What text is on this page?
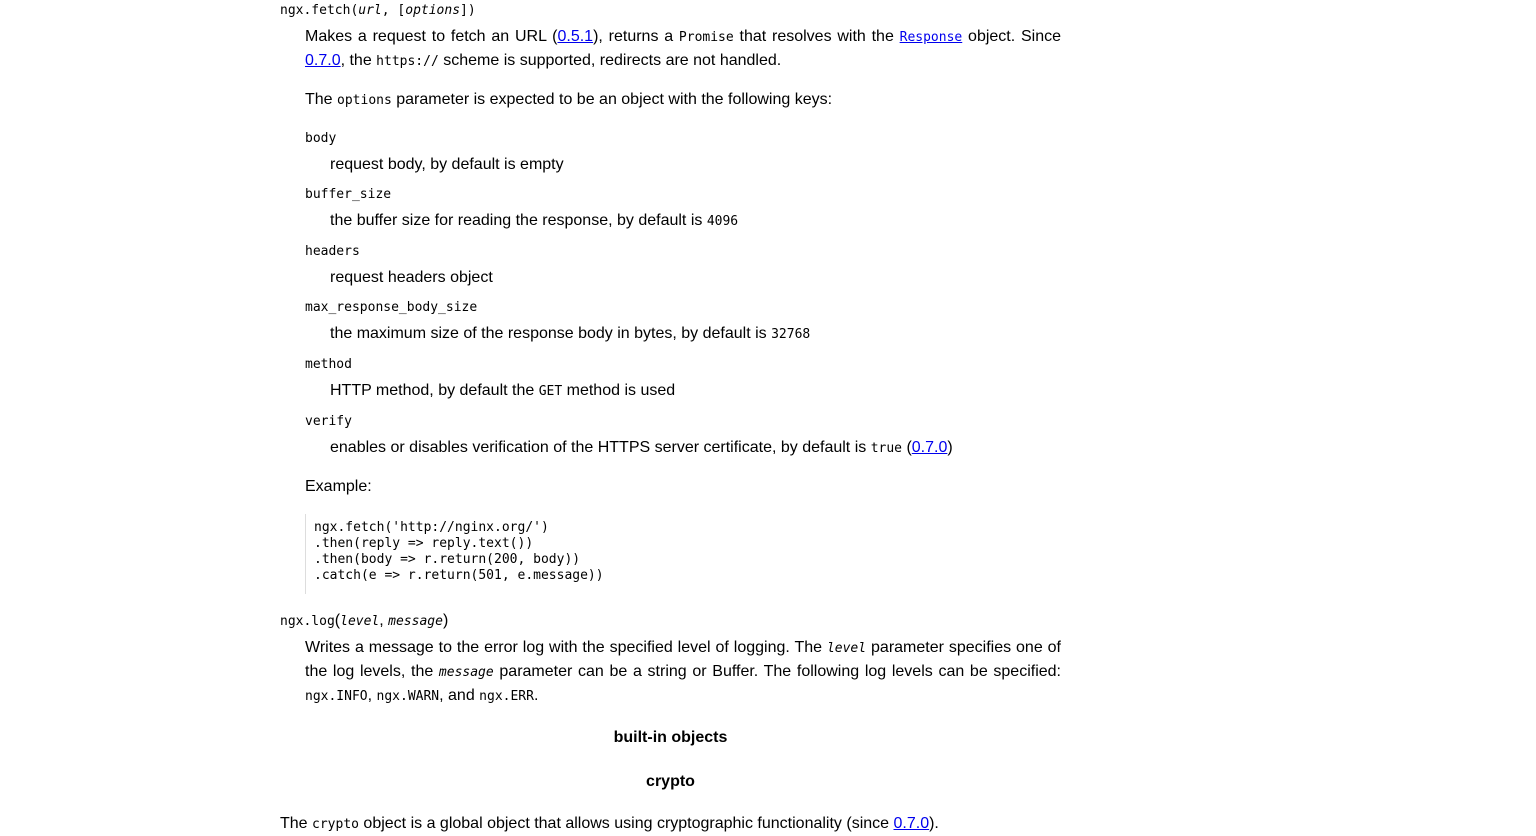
ngx.fetch(url, [options])
Makes a request to fetch an URL (0.5.1), returns a Promise that resolves with the Response object. Since 0.7.0, the https:// scheme is supported, redirects are not handled.
The options parameter is expected to be an object with the following keys:
body
request body, by default is empty
buffer_size
the buffer size for reading the response, by default is 4096
headers
request headers object
max_response_body_size
the maximum size of the response body in bytes, by default is 32768
method
HTTP method, by default the GET method is used
verify
enables or disables verification of the HTTPS server certificate, by default is true (0.7.0)
Example:
ngx.fetch('http://nginx.org/')
.then(reply => reply.text())
.then(body => r.return(200, body))
.catch(e => r.return(501, e.message))
ngx.log(level, message)
Writes a message to the error log with the specified level of logging. The level parameter specifies one of the log levels, the message parameter can be a string or Buffer. The following log levels can be specified: ngx.INFO, ngx.WARN, and ngx.ERR.
built-in objects
crypto
The crypto object is a global object that allows using cryptographic functionality (since 0.7.0).
